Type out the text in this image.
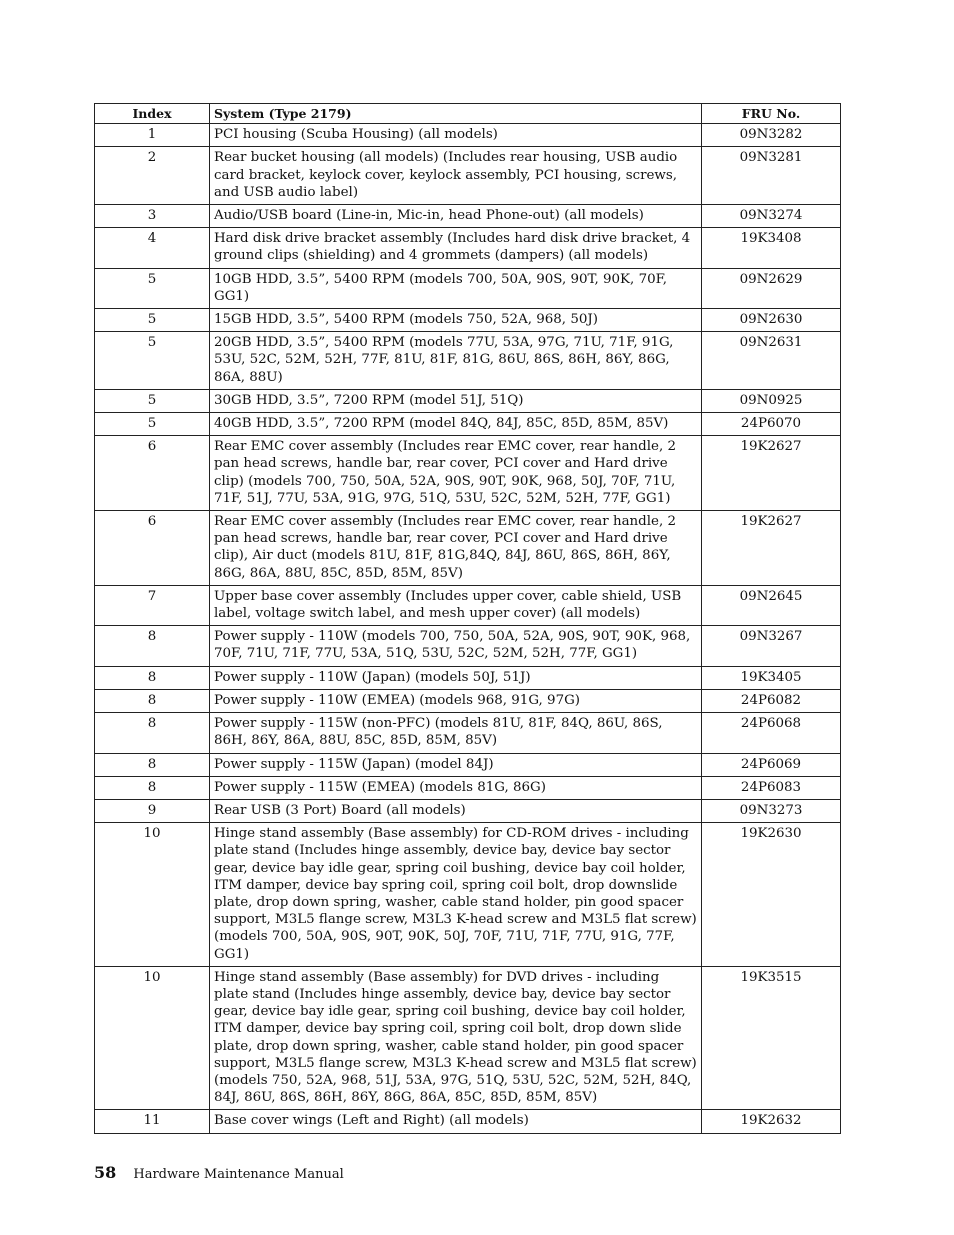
Index	System (Type 2179)	FRU No.
1	PCI housing (Scuba Housing) (all models)	09N3282
2	Rear bucket housing (all models) (Includes rear housing, USB audio card bracket, keylock cover, keylock assembly, PCI housing, screws, and USB audio label)	09N3281
3	Audio/USB board (Line-in, Mic-in, head Phone-out) (all models)	09N3274
4	Hard disk drive bracket assembly (Includes hard disk drive bracket, 4 ground clips (shielding) and 4 grommets (dampers) (all models)	19K3408
5	10GB HDD, 3.5”, 5400 RPM (models 700, 50A, 90S, 90T, 90K, 70F, GG1)	09N2629
5	15GB HDD, 3.5”, 5400 RPM (models 750, 52A, 968, 50J)	09N2630
5	20GB HDD, 3.5”, 5400 RPM (models 77U, 53A, 97G, 71U, 71F, 91G, 53U, 52C, 52M, 52H, 77F, 81U, 81F, 81G, 86U, 86S, 86H, 86Y, 86G, 86A, 88U)	09N2631
5	30GB HDD, 3.5”, 7200 RPM (model 51J, 51Q)	09N0925
5	40GB HDD, 3.5”, 7200 RPM (model 84Q, 84J, 85C, 85D, 85M, 85V)	24P6070
6	Rear EMC cover assembly (Includes rear EMC cover, rear handle, 2 pan head screws, handle bar, rear cover, PCI cover and Hard drive clip) (models 700, 750, 50A, 52A, 90S, 90T, 90K, 968, 50J, 70F, 71U, 71F, 51J, 77U, 53A, 91G, 97G, 51Q, 53U, 52C, 52M, 52H, 77F, GG1)	19K2627
6	Rear EMC cover assembly (Includes rear EMC cover, rear handle, 2 pan head screws, handle bar, rear cover, PCI cover and Hard drive clip), Air duct (models 81U, 81F, 81G,84Q, 84J, 86U, 86S, 86H, 86Y, 86G, 86A, 88U, 85C, 85D, 85M, 85V)	19K2627
7	Upper base cover assembly (Includes upper cover, cable shield, USB label, voltage switch label, and mesh upper cover) (all models)	09N2645
8	Power supply - 110W (models 700, 750, 50A, 52A, 90S, 90T, 90K, 968, 70F, 71U, 71F, 77U, 53A, 51Q, 53U, 52C, 52M, 52H, 77F, GG1)	09N3267
8	Power supply - 110W (Japan) (models 50J, 51J)	19K3405
8	Power supply - 110W (EMEA) (models 968, 91G, 97G)	24P6082
8	Power supply - 115W (non-PFC) (models 81U, 81F, 84Q, 86U, 86S, 86H, 86Y, 86A, 88U, 85C, 85D, 85M, 85V)	24P6068
8	Power supply - 115W (Japan) (model 84J)	24P6069
8	Power supply - 115W (EMEA) (models 81G, 86G)	24P6083
9	Rear USB (3 Port) Board (all models)	09N3273
10	Hinge stand assembly (Base assembly) for CD-ROM drives - including plate stand (Includes hinge assembly, device bay, device bay sector gear, device bay idle gear, spring coil bushing, device bay coil holder, ITM damper, device bay spring coil, spring coil bolt, drop downslide plate, drop down spring, washer, cable stand holder, pin good spacer support, M3L5 flange screw, M3L3 K-head screw and M3L5 flat screw) (models 700, 50A, 90S, 90T, 90K, 50J, 70F, 71U, 71F, 77U, 91G, 77F, GG1)	19K2630
10	Hinge stand assembly (Base assembly) for DVD drives - including plate stand (Includes hinge assembly, device bay, device bay sector gear, device bay idle gear, spring coil bushing, device bay coil holder, ITM damper, device bay spring coil, spring coil bolt, drop down slide plate, drop down spring, washer, cable stand holder, pin good spacer support, M3L5 flange screw, M3L3 K-head screw and M3L5 flat screw) (models 750, 52A, 968, 51J, 53A, 97G, 51Q, 53U, 52C, 52M, 52H, 84Q, 84J, 86U, 86S, 86H, 86Y, 86G, 86A, 85C, 85D, 85M, 85V)	19K3515
11	Base cover wings (Left and Right) (all models)	19K2632
58 Hardware Maintenance Manual
